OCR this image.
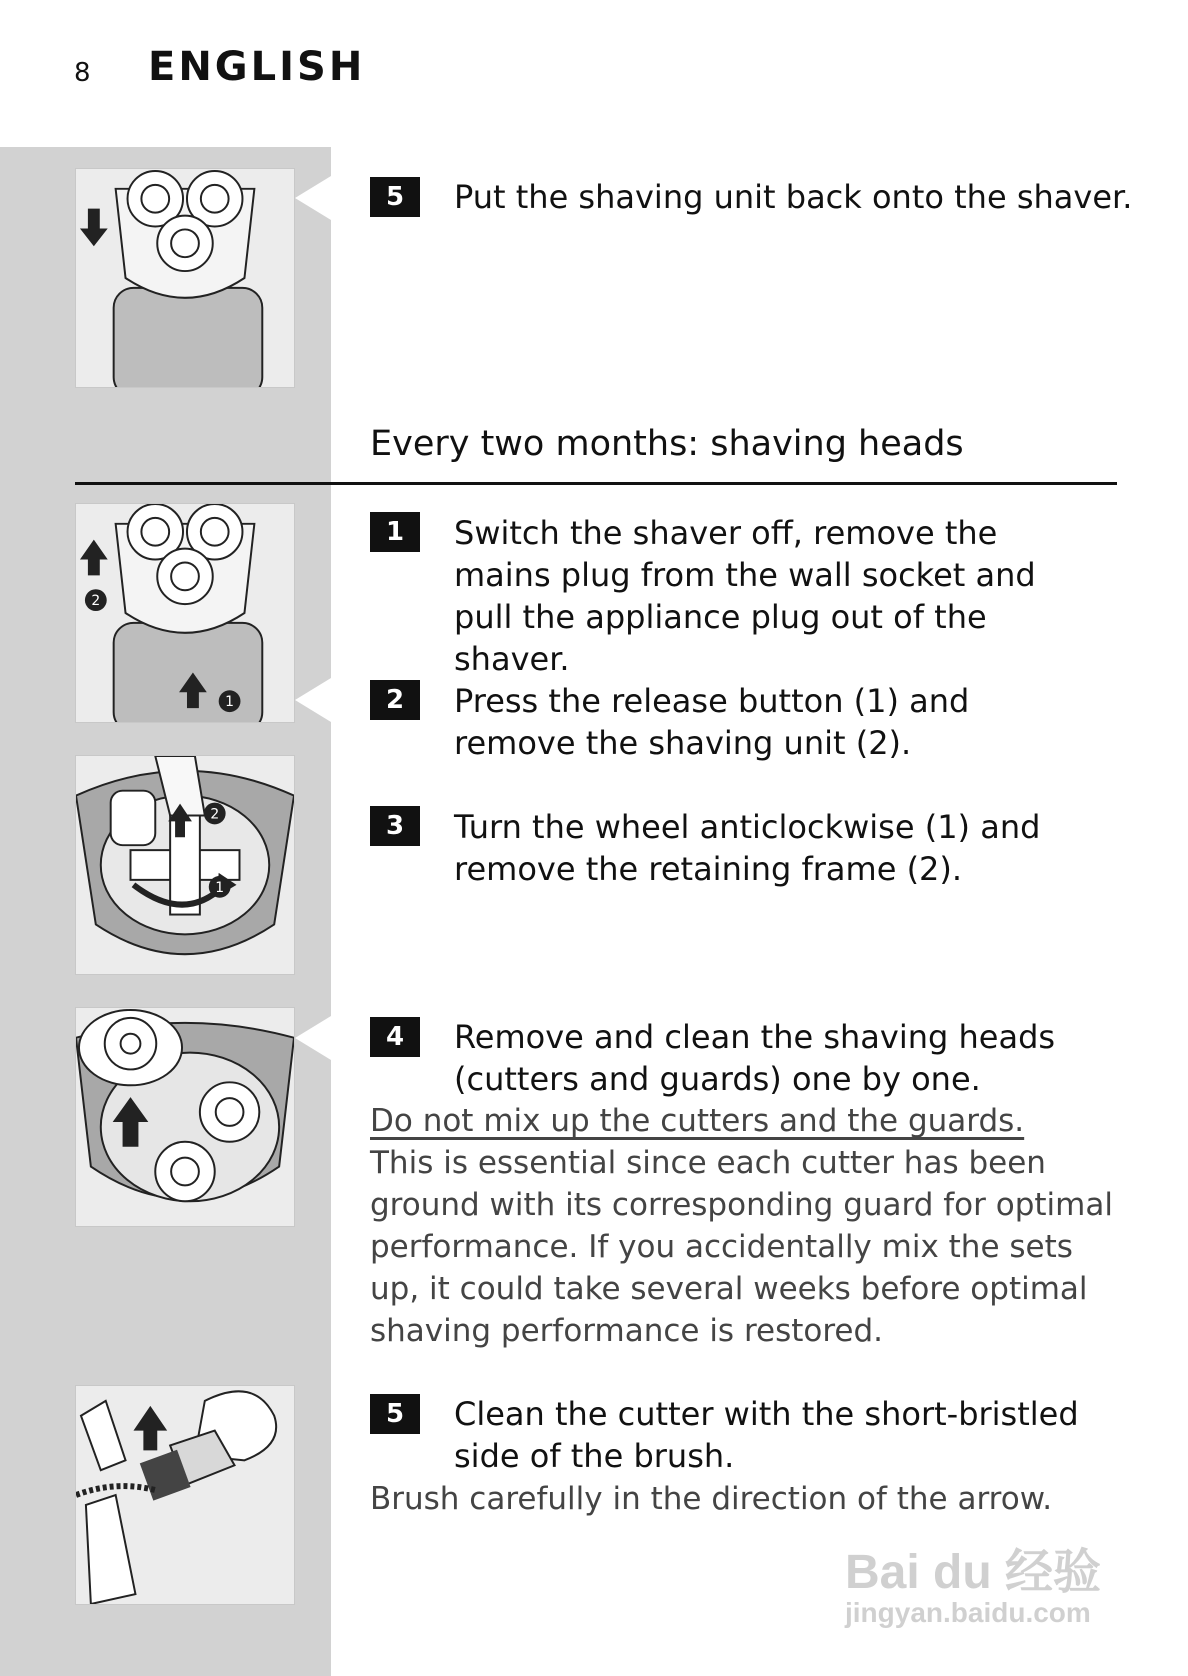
8 ENGLISH
5	Put the shaving unit back onto the shaver.
Every two months: shaving heads
2
1
1	Switch the shaver off, remove the mains plug from the wall socket and pull the appliance plug out of the shaver.
2	Press the release button (1) and remove the shaving unit (2).
2
1
3	Turn the wheel anticlockwise (1) and remove the retaining frame (2).
4	Remove and clean the shaving heads (cutters and guards) one by one.
Do not mix up the cutters and the guards.
This is essential since each cutter has been ground with its corresponding guard for optimal performance. If you accidentally mix the sets up, it could take several weeks before optimal shaving performance is restored.
5	Clean the cutter with the short-bristled side of the brush.
Brush carefully in the direction of the arrow.
Bai du 经验
jingyan.baidu.com
